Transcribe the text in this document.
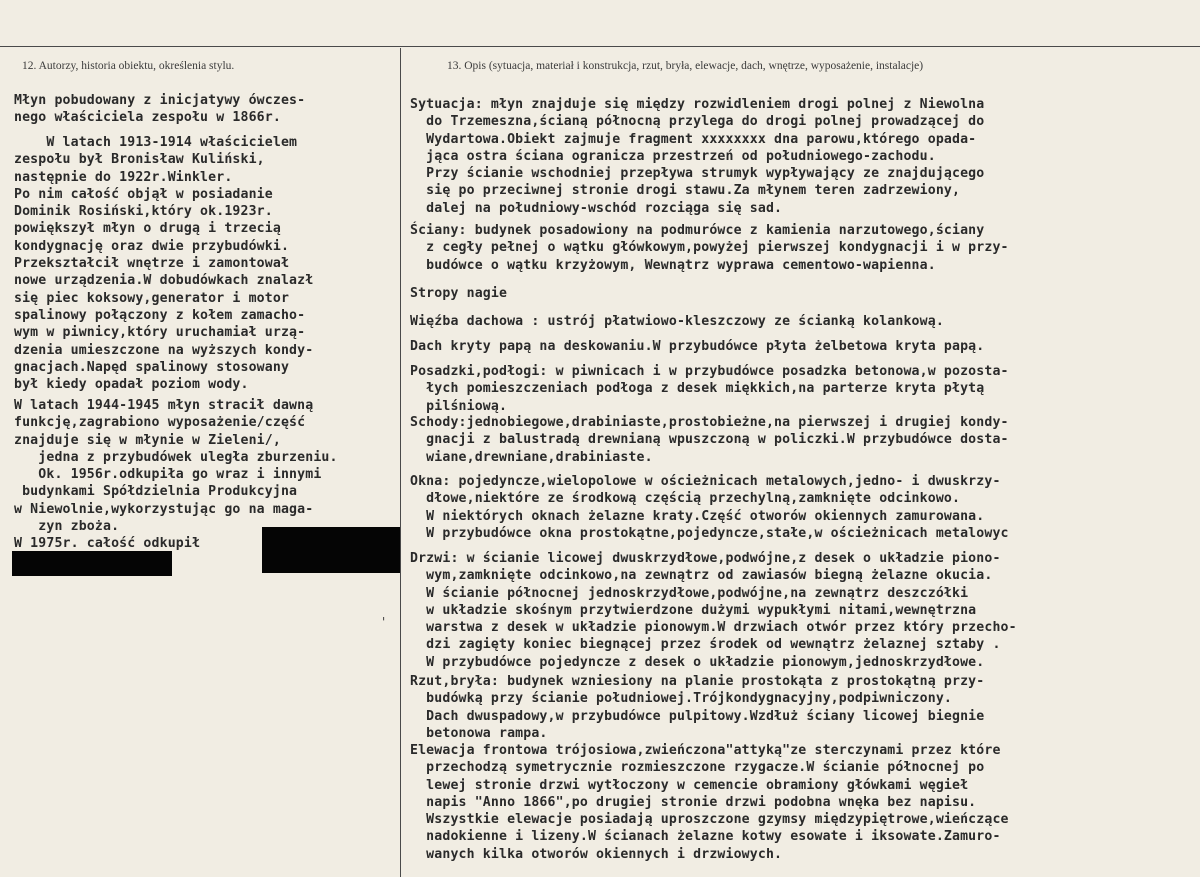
12. Autorzy, historia obiektu, określenia stylu.	13. Opis (sytuacja, materiał i konstrukcja, rzut, bryła, elewacje, dach, wnętrze, wyposażenie, instalacje)
Młyn pobudowany z inicjatywy ówczes-
nego właściciela zespołu w 1866r.
W latach 1913-1914 właścicielem
zespołu był Bronisław Kuliński,
następnie do 1922r.Winkler.
Po nim całość objął w posiadanie
Dominik Rosiński,który ok.1923r.
powiększył młyn o drugą i trzecią
kondygnację oraz dwie przybudówki.
Przekształcił wnętrze i zamontował
nowe urządzenia.W dobudówkach znalazł
się piec koksowy,generator i motor
spalinowy połączony z kołem zamacho-
wym w piwnicy,który uruchamiał urzą-
dzenia umieszczone na wyższych kondy-
gnacjach.Napęd spalinowy stosowany
był kiedy opadał poziom wody.
W latach 1944-1945 młyn stracił dawną
funkcję,zagrabiono wyposażenie/część
znajduje się w młynie w Zieleni/,
jedna z przybudówek uległa zburzeniu.
Ok. 1956r.odkupiła go wraz i innymi
budynkami Spółdzielnia Produkcyjna
w Niewolnie,wykorzystując go na maga-
zyn zboża.
W 1975r. całość odkupił
'
Sytuacja: młyn znajduje się między rozwidleniem drogi polnej z Niewolna
do Trzemeszna,ścianą północną przylega do drogi polnej prowadzącej do
Wydartowa.Obiekt zajmuje fragment xxxxxxxx dna parowu,którego opada-
jąca ostra ściana ogranicza przestrzeń od południowego-zachodu.
Przy ścianie wschodniej przepływa strumyk wypływający ze znajdującego
się po przeciwnej stronie drogi stawu.Za młynem teren zadrzewiony,
dalej na południowy-wschód rozciąga się sad.
Ściany: budynek posadowiony na podmurówce z kamienia narzutowego,ściany
z cegły pełnej o wątku główkowym,powyżej pierwszej kondygnacji i w przy-
budówce o wątku krzyżowym, Wewnątrz wyprawa cementowo-wapienna.
Stropy nagie
Więźba dachowa : ustrój płatwiowo-kleszczowy ze ścianką kolankową.
Dach kryty papą na deskowaniu.W przybudówce płyta żelbetowa kryta papą.
Posadzki,podłogi: w piwnicach i w przybudówce posadzka betonowa,w pozosta-
łych pomieszczeniach podłoga z desek miękkich,na parterze kryta płytą
pilśniową.
Schody:jednobiegowe,drabiniaste,prostobieżne,na pierwszej i drugiej kondy-
gnacji z balustradą drewnianą wpuszczoną w policzki.W przybudówce dosta-
wiane,drewniane,drabiniaste.
Okna: pojedyncze,wielopolowe w ościeżnicach metalowych,jedno- i dwuskrzy-
dłowe,niektóre ze środkową częścią przechylną,zamknięte odcinkowo.
W niektórych oknach żelazne kraty.Część otworów okiennych zamurowana.
W przybudówce okna prostokątne,pojedyncze,stałe,w ościeżnicach metalowyc
Drzwi: w ścianie licowej dwuskrzydłowe,podwójne,z desek o układzie piono-
wym,zamknięte odcinkowo,na zewnątrz od zawiasów biegną żelazne okucia.
W ścianie północnej jednoskrzydłowe,podwójne,na zewnątrz deszczółki
w układzie skośnym przytwierdzone dużymi wypukłymi nitami,wewnętrzna
warstwa z desek w układzie pionowym.W drzwiach otwór przez który przecho-
dzi zagięty koniec biegnącej przez środek od wewnątrz żelaznej sztaby .
W przybudówce pojedyncze z desek o układzie pionowym,jednoskrzydłowe.
Rzut,bryła: budynek wzniesiony na planie prostokąta z prostokątną przy-
budówką przy ścianie południowej.Trójkondygnacyjny,podpiwniczony.
Dach dwuspadowy,w przybudówce pulpitowy.Wzdłuż ściany licowej biegnie
betonowa rampa.
Elewacja frontowa trójosiowa,zwieńczona"attyką"ze sterczynami przez które
przechodzą symetrycznie rozmieszczone rzygacze.W ścianie północnej po
lewej stronie drzwi wytłoczony w cemencie obramiony główkami węgieł
napis "Anno 1866",po drugiej stronie drzwi podobna wnęka bez napisu.
Wszystkie elewacje posiadają uproszczone gzymsy międzypiętrowe,wieńczące
nadokienne i lizeny.W ścianach żelazne kotwy esowate i iksowate.Zamuro-
wanych kilka otworów okiennych i drzwiowych.
